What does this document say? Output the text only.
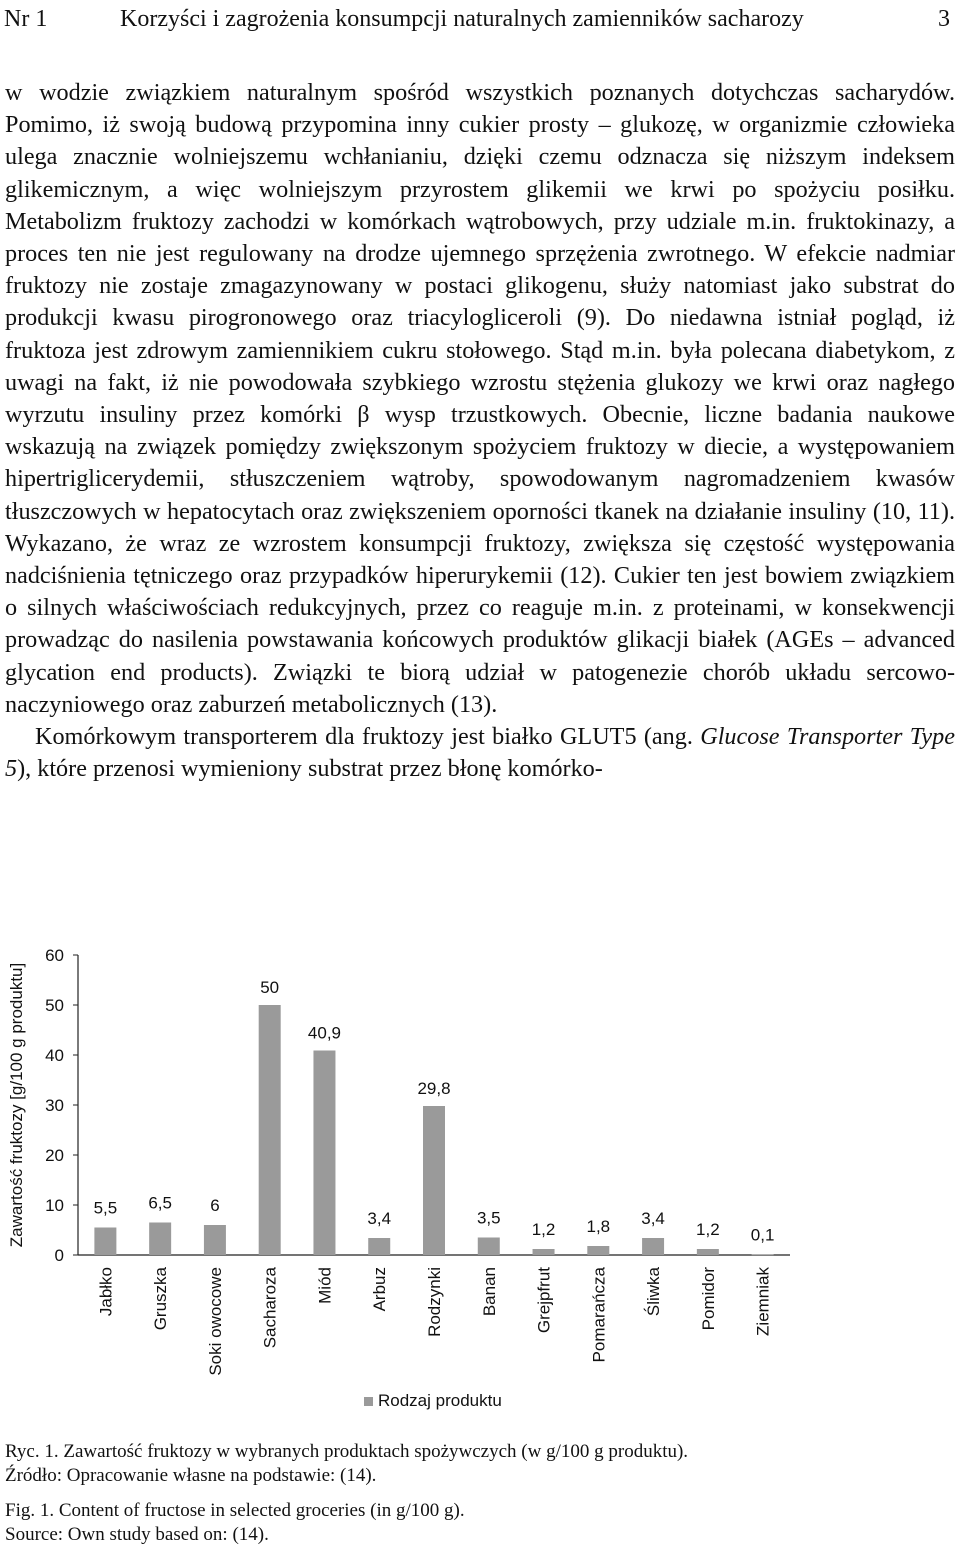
Nr 1	Korzyści i zagrożenia konsumpcji naturalnych zamienników sacharozy	3

w wodzie związkiem naturalnym spośród wszystkich poznanych dotychczas sacharydów. Pomimo, iż swoją budową przypomina inny cukier prosty – glukozę, w organizmie człowieka ulega znacznie wolniejszemu wchłanianiu, dzięki czemu odznacza się niższym indeksem glikemicznym, a więc wolniejszym przyrostem glikemii we krwi po spożyciu posiłku. Metabolizm fruktozy zachodzi w komórkach wątrobowych, przy udziale m.in. fruktokinazy, a proces ten nie jest regulowany na drodze ujemnego sprzężenia zwrotnego. W efekcie nadmiar fruktozy nie zostaje zmagazynowany w postaci glikogenu, służy natomiast jako substrat do produkcji kwasu pirogronowego oraz triacylogliceroli (9). Do niedawna istniał pogląd, iż fruktoza jest zdrowym zamiennikiem cukru stołowego. Stąd m.in. była polecana diabetykom, z uwagi na fakt, iż nie powodowała szybkiego wzrostu stężenia glukozy we krwi oraz nagłego wyrzutu insuliny przez komórki β wysp trzustkowych. Obecnie, liczne badania naukowe wskazują na związek pomiędzy zwiększonym spożyciem fruktozy w diecie, a występowaniem hipertriglicerydemii, stłuszczeniem wątroby, spowodowanym nagromadzeniem kwasów tłuszczowych w hepatocytach oraz zwiększeniem oporności tkanek na działanie insuliny (10, 11). Wykazano, że wraz ze wzrostem konsumpcji fruktozy, zwiększa się częstość występowania nadciśnienia tętniczego oraz przypadków hiperurykemii (12). Cukier ten jest bowiem związkiem o silnych właściwościach redukcyjnych, przez co reaguje m.in. z proteinami, w konsekwencji prowadząc do nasilenia powstawania końcowych produktów glikacji białek (AGEs – advanced glycation end products). Związki te biorą udział w patogenezie chorób układu sercowo-naczyniowego oraz zaburzeń metabolicznych (13).

Komórkowym transporterem dla fruktozy jest białko GLUT5 (ang. Glucose Transporter Type 5), które przenosi wymieniony substrat przez błonę komórko-

0
10
20
30
40
50
60
Zawartość fruktozy [g/100 g produktu]	5,5
Jabłko
6,5
Gruszka
6
Soki owocowe
50
Sacharoza
40,9
Miód
3,4
Arbuz
29,8
Rodzynki
3,5
Banan
1,2
Grejpfrut
1,8
Pomarańcza
3,4
Śliwka
1,2
Pomidor
0,1
Ziemniak
Rodzaj produktu
Ryc. 1. Zawartość fruktozy w wybranych produktach spożywczych (w g/100 g produktu).
Źródło: Opracowanie własne na podstawie: (14).
Fig. 1. Content of fructose in selected groceries (in g/100 g).
Source: Own study based on: (14).
